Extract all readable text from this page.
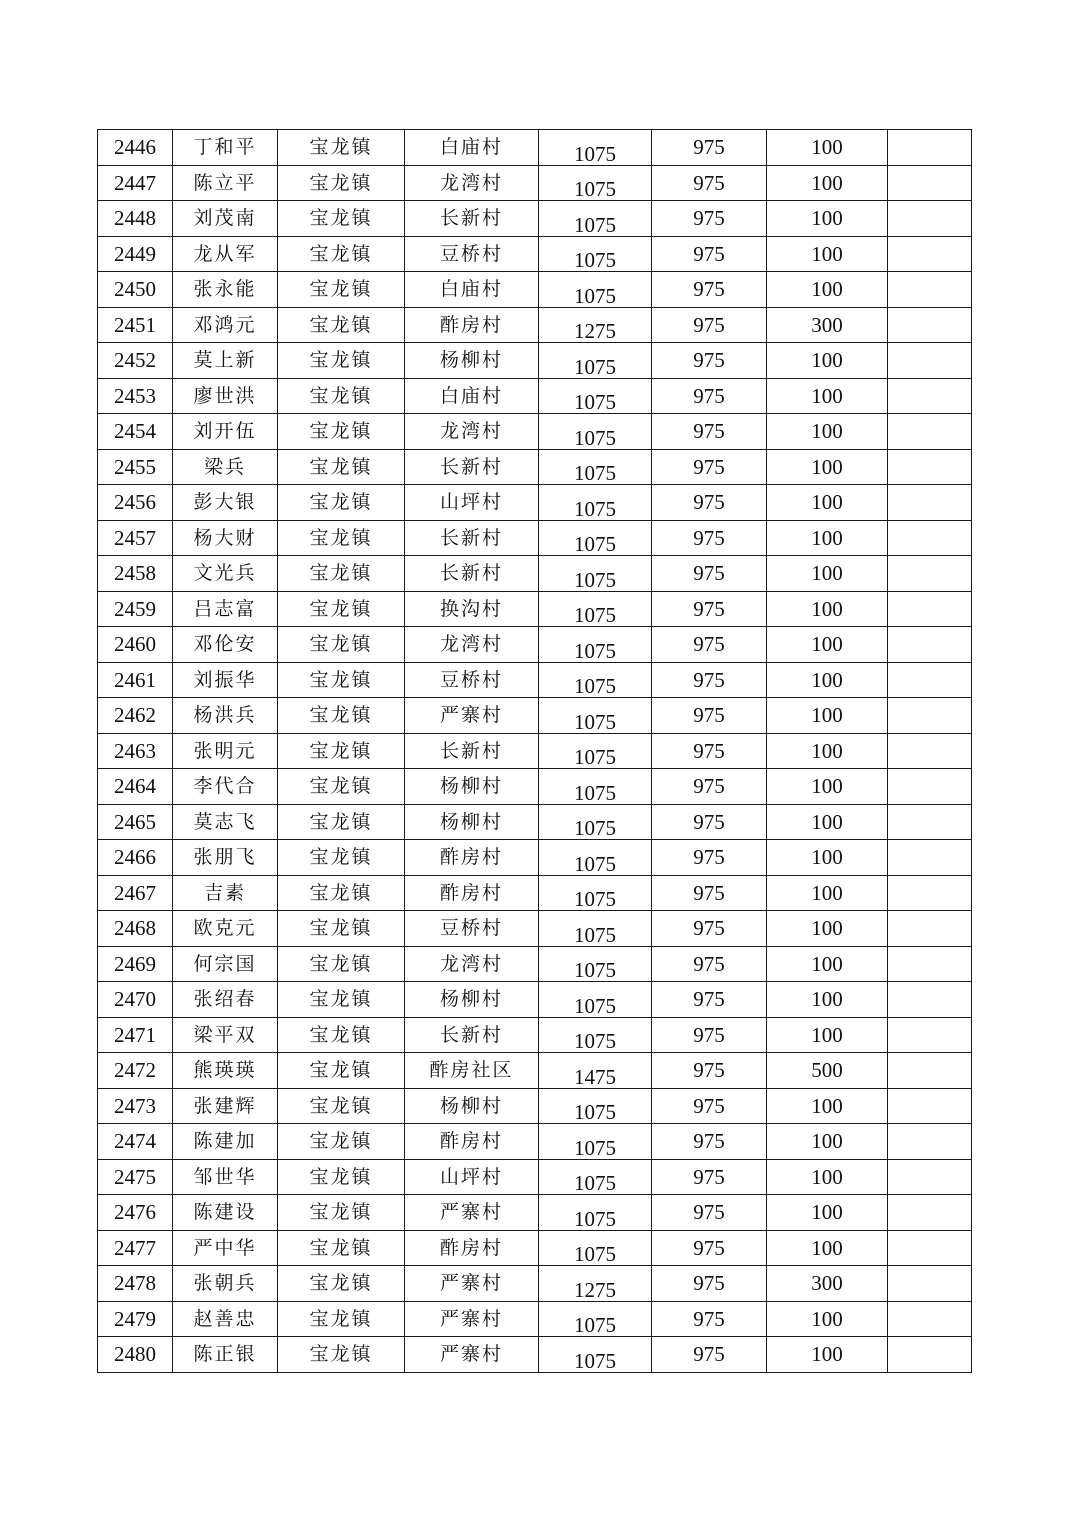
2446	丁和平	宝龙镇	白庙村	1075	975	100	
2447	陈立平	宝龙镇	龙湾村	1075	975	100	
2448	刘茂南	宝龙镇	长新村	1075	975	100	
2449	龙从军	宝龙镇	豆桥村	1075	975	100	
2450	张永能	宝龙镇	白庙村	1075	975	100	
2451	邓鸿元	宝龙镇	酢房村	1275	975	300	
2452	莫上新	宝龙镇	杨柳村	1075	975	100	
2453	廖世洪	宝龙镇	白庙村	1075	975	100	
2454	刘开伍	宝龙镇	龙湾村	1075	975	100	
2455	梁兵	宝龙镇	长新村	1075	975	100	
2456	彭大银	宝龙镇	山坪村	1075	975	100	
2457	杨大财	宝龙镇	长新村	1075	975	100	
2458	文光兵	宝龙镇	长新村	1075	975	100	
2459	吕志富	宝龙镇	换沟村	1075	975	100	
2460	邓伦安	宝龙镇	龙湾村	1075	975	100	
2461	刘振华	宝龙镇	豆桥村	1075	975	100	
2462	杨洪兵	宝龙镇	严寨村	1075	975	100	
2463	张明元	宝龙镇	长新村	1075	975	100	
2464	李代合	宝龙镇	杨柳村	1075	975	100	
2465	莫志飞	宝龙镇	杨柳村	1075	975	100	
2466	张朋飞	宝龙镇	酢房村	1075	975	100	
2467	吉素	宝龙镇	酢房村	1075	975	100	
2468	欧克元	宝龙镇	豆桥村	1075	975	100	
2469	何宗国	宝龙镇	龙湾村	1075	975	100	
2470	张绍春	宝龙镇	杨柳村	1075	975	100	
2471	梁平双	宝龙镇	长新村	1075	975	100	
2472	熊瑛瑛	宝龙镇	酢房社区	1475	975	500	
2473	张建辉	宝龙镇	杨柳村	1075	975	100	
2474	陈建加	宝龙镇	酢房村	1075	975	100	
2475	邹世华	宝龙镇	山坪村	1075	975	100	
2476	陈建设	宝龙镇	严寨村	1075	975	100	
2477	严中华	宝龙镇	酢房村	1075	975	100	
2478	张朝兵	宝龙镇	严寨村	1275	975	300	
2479	赵善忠	宝龙镇	严寨村	1075	975	100	
2480	陈正银	宝龙镇	严寨村	1075	975	100	
